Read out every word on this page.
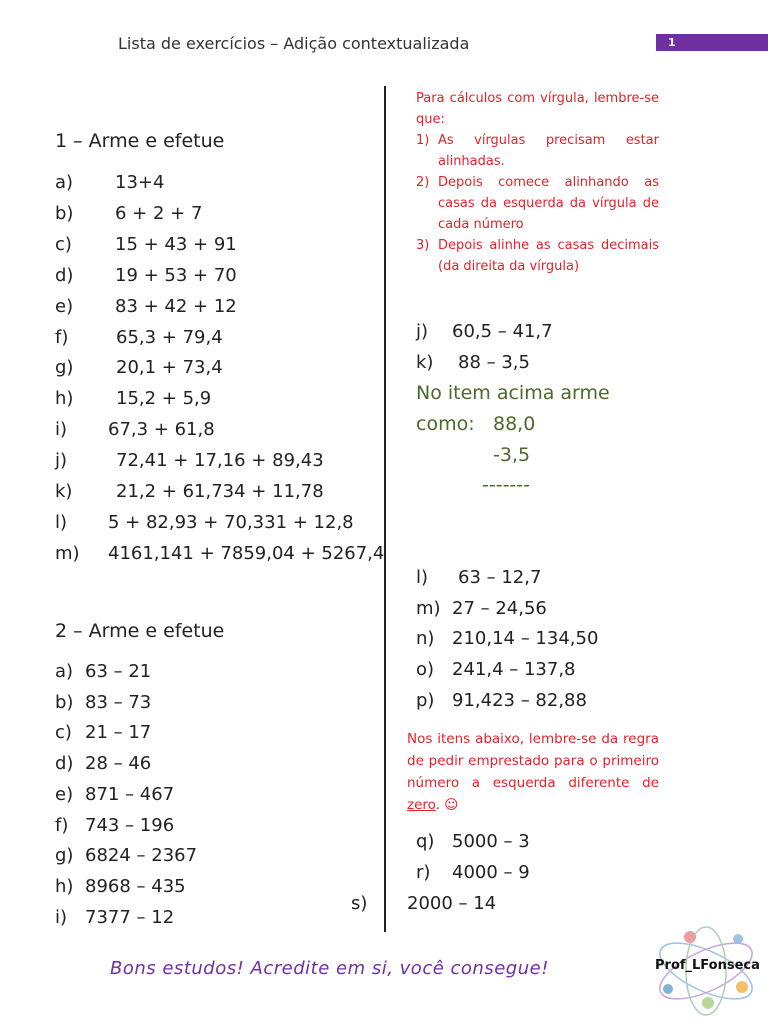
Lista de exercícios – Adição contextualizada	1
1 – Arme e efetue
a) 13+4
b) 6 + 2 + 7
c) 15 + 43 + 91
d) 19 + 53 + 70
e) 83 + 42 + 12
f)	65,3 + 79,4
g) 20,1 + 73,4
h) 15,2 + 5,9
i) 67,3 + 61,8
j)	72,41 + 17,16 + 89,43
k) 21,2 + 61,734 + 11,78
l) 5 + 82,93 + 70,331 + 12,8
m) 4161,141 + 7859,04 + 5267,4
2 – Arme e efetue
a) 63 – 21
b) 83 – 73
c) 21 – 17
d) 28 – 46
e) 871 – 467
f) 743 – 196
g) 6824 – 2367
h) 8968 – 435
i) 7377 – 12
Para cálculos com vírgula, lembre-se
que:
1) As vírgulas precisam estar alinhadas.
2) Depois comece alinhando as casas da esquerda da vírgula de cada número
3) Depois alinhe as casas decimais (da direita da vírgula)
j) 60,5 – 41,7
k) 88 – 3,5
No item acima arme
como: 88,0
-3,5
-------
l) 63 – 12,7
m) 27 – 24,56
n) 210,14 – 134,50
o) 241,4 – 137,8
p) 91,423 – 82,88
Nos itens abaixo, lembre-se da regra de pedir emprestado para o primeiro número a esquerda diferente de zero. ☺
q) 5000 – 3
r) 4000 – 9
s) 2000 – 14
Bons estudos! Acredite em si, você consegue!	Prof_LFonseca
